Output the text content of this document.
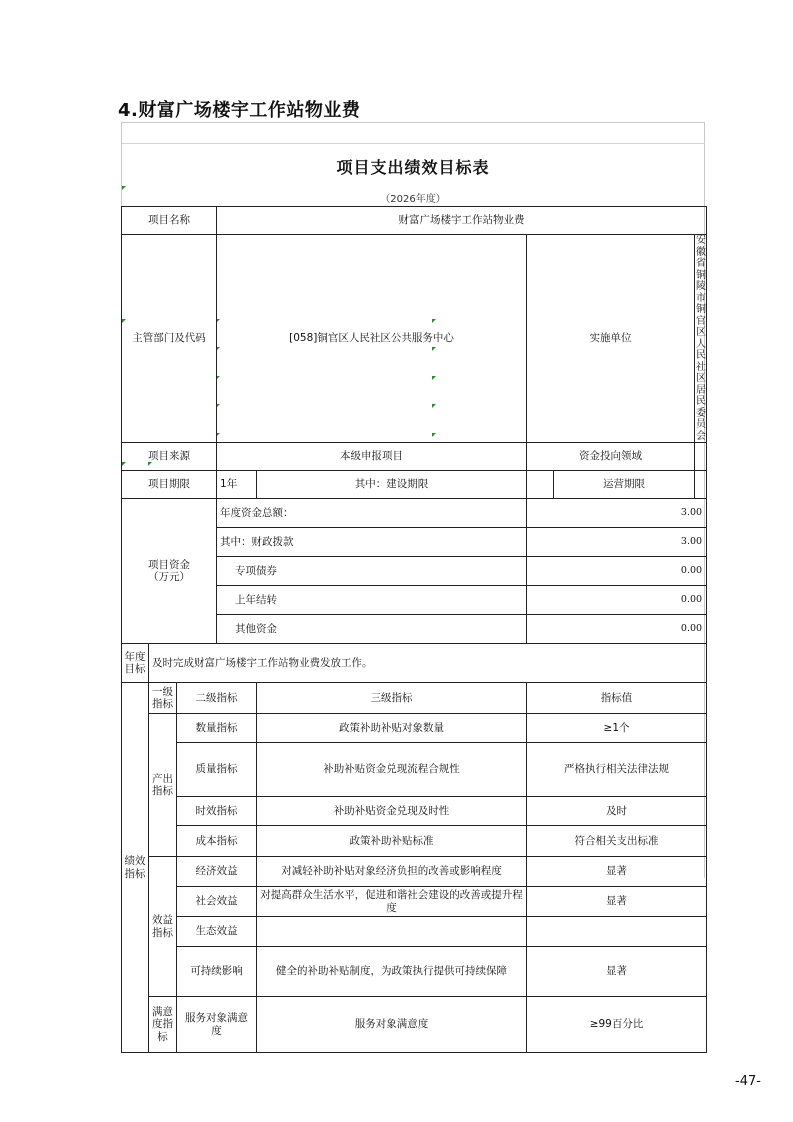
4.财富广场楼宇工作站物业费
项目支出绩效目标表
（2026年度）
项目名称			财富广场楼宇工作站物业费				
主管部门及代码			[058]铜官区人民社区公共服务中心		实施单位		安徽省铜陵市铜官区人民社区居民委员会
项目来源			本级申报项目		资金投向领域		
项目期限			1年	其中：建设期限		运营期限	
项目资金（万元）			年度资金总额：		3.00		
			其中：财政拨款		3.00		
			专项债券		0.00		
			上年结转		0.00		
			其他资金		0.00		
年度目标	及时完成财富广场楼宇工作站物业费发放工作。						
绩效指标	一级指标	二级指标		三级指标	指标值		
	产出指标	数量指标		政策补助补贴对象数量	≥1个		
		质量指标		补助补贴资金兑现流程合规性	严格执行相关法律法规		
		时效指标		补助补贴资金兑现及时性	及时		
		成本指标		政策补助补贴标准	符合相关支出标准		
	效益指标	经济效益		对减轻补助补贴对象经济负担的改善或影响程度	显著		
		社会效益		对提高群众生活水平，促进和谐社会建设的改善或提升程度	显著		
		生态效益					
		可持续影响		健全的补助补贴制度，为政策执行提供可持续保障	显著		
	满意度指标	服务对象满意度		服务对象满意度	≥99百分比		
-47-
